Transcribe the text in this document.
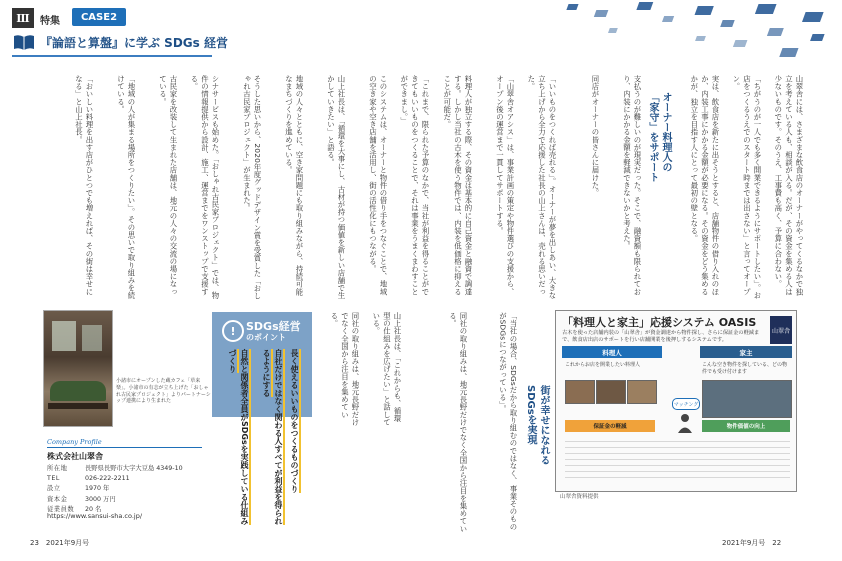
Ⅲ	特集	CASE2
『論語と算盤』に学ぶ SDGs 経営
シナサービスも始めた。「おしゃれ古民家プロジェクト」では、物件の情報提供から設計、施工、運営までをワンストップで支援する。
古民家を改装して生まれた店舗は、地元の人々の交流の場になっている。
「地域の人が集まる場所をつくりたい」。その思いで取り組みを続けている。
「おいしい料理を出す店がひとつでも増えれば、その街は幸せになる」と山上社長。	そうした思いから、2020年度グッドデザイン賞を受賞した「おしゃれ古民家プロジェクト」が生まれた。	地域の人々とともに、空き家問題にも取り組みながら、持続可能なまちづくりを進めている。	山上社長は、「循環を大事にし、古材が持つ価値を新しい店舗で生かしていきたい」と語る。	このシステムは、オーナーと物件の借り手をつなぐことで、地域の空き家や空き店舗を活用し、街の活性化にもつながる。	「これまで、限られた予算のなかで、当社が利益を得ることができてもいいものをつくることで、それは事業をうまくまわすことができまし。」
同社の取り組みは、地元長野だけでなく全国から注目を集めている。	山上社長は、「これからも、循環型の仕組みを広げたい」と話している。
小諸市にオープンした蔵カフェ「草来楽」。小諸市の有志が立ち上げた「おしゃれ古民家プロジェクト」よりパートナーシップ連携により生まれた
Company Profile
株式会社山翠舎
所在地	長野県長野市大字大豆島 4349-10
TEL	026-222-2211
設立	1970 年
資本金	3000 万円
従業員数	20 名
https://www.sansui-sha.co.jp/
! SDGs経営
のポイント
長く使えるいいものをつくるものづくり
自社だけではなく関わる人すべてが利益を得られるようにする
自然と関係者全員がSDGsを実践している仕組みづくり
オーナー料理人の
「家守」をサポート	山翠舎には、さまざまな飲食店のオーナーがやってくるなかで独立を考えている人も、相談が入る。だが、その資金を集める人は少ないものです。そのうえ、工事費も高く、予算に合わない。
「ちがうのが一人でも多く開業できるようにサポートしたい」。お店をつくるうえでのスタート時までは出さない」と言ってオープン。
実は、飲食店を新たに出そうとすると、店舗物件の借り入れのほか、内装工事にかかる金額が必要になる。その資金をどう集めるかが、独立を目指す人にとって最初の壁となる。
支払うのが難しいのが現実だった。そこで、融資額も限られており、内装にかかる金額を軽減できないかと考えた。
同店がオーナーの皆さんに届けた。
「いいものをつくれば売れる」。オーナーが夢を出しあい、大きな立ち上げから全力で応援した社長の山上さんは、売れる思いだった。
「山翠舎オアシス」は、事業計画の策定や物件選びの支援から、オープン後の運営まで一貫してサポートする。
料理人が独立する際、その資金は基本的に自己資金と融資で調達する。しかし当社の古木を使う物件では、内装を低価格に抑えることが可能だ。
街が幸せになれる
SDGsを実現
「当社の場合、SDGsだから取り組むのではなく、事業そのものがSDGsにつながっている」。
同社の取り組みは、地元長野だけでなく全国から注目を集めている。	「料理人と家主」応援システム OASIS
山翠舎
古木を使った店舗内装の「山翠舎」が資金調達から物件探し、さらに保証金の軽減まで、飲食店出店のサポートを行い店舗開業を後押しするシステムです。
料理人	家主
これからお店を開業したい料理人	こんな空き物件を探している、どの物件でも受け付けます
マッチング
保証金の軽減	物件価値の向上
山翠舎資料提供
23　2021年9月号	2021年9月号　22
